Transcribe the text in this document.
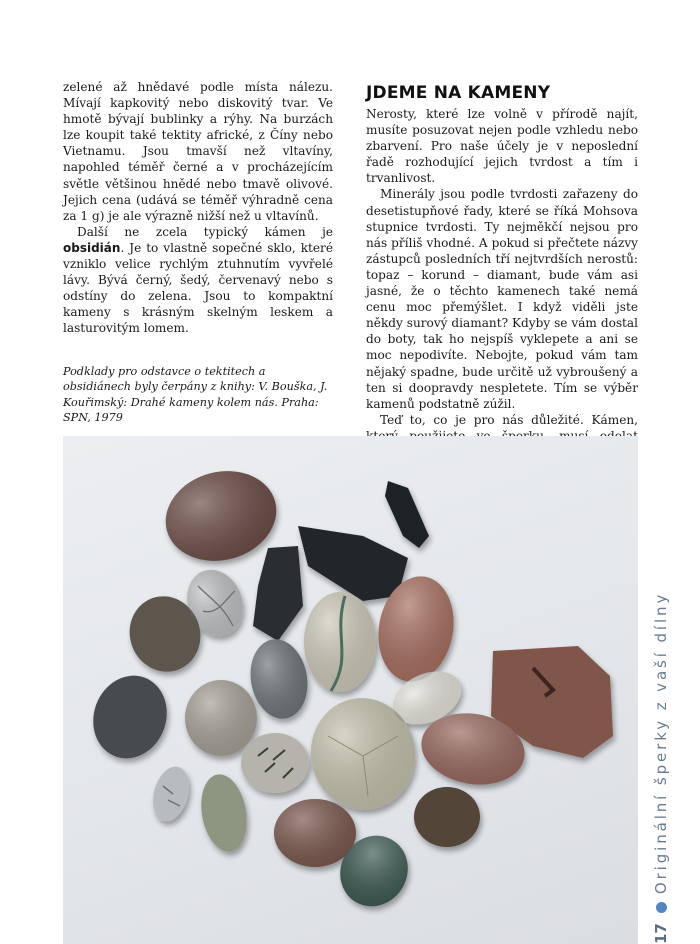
zelené až hnědavé podle místa nálezu. Mívají kapkovitý nebo diskovitý tvar. Ve hmotě bývají bublinky a rýhy. Na burzách lze koupit také tektity africké, z Číny nebo Vietnamu. Jsou tmavší než vltavíny, napohled téměř černé a v procházejícím světle většinou hnědé nebo tmavě olivové. Jejich cena (udává se téměř výhradně cena za 1 g) je ale výrazně nižší než u vltavínů.

Další ne zcela typický kámen je obsidián. Je to vlastně sopečné sklo, které vzniklo velice rychlým ztuhnutím vyvřelé lávy. Bývá černý, šedý, červenavý nebo s odstíny do zelena. Jsou to kompaktní kameny s krásným skelným leskem a lasturovitým lomem.

Podklady pro odstavce o tektitech a obsidiánech byly čerpány z knihy: V. Bouška, J. Kouřimský: Drahé kameny kolem nás. Praha: SPN, 1979

JDEME NA KAMENY

Nerosty, které lze volně v přírodě najít, musíte posuzovat nejen podle vzhledu nebo zbarvení. Pro naše účely je v neposlední řadě rozhodující jejich tvrdost a tím i trvanlivost.

Minerály jsou podle tvrdosti zařazeny do desetistupňové řady, které se říká Mohsova stupnice tvrdosti. Ty nejměkčí nejsou pro nás příliš vhodné. A pokud si přečtete názvy zástupců posledních tří nejtvrdších nerostů: topaz – korund – diamant, bude vám asi jasné, že o těchto kamenech také nemá cenu moc přemýšlet. I když viděli jste někdy surový diamant? Kdyby se vám dostal do boty, tak ho nejspíš vyklepete a ani se moc nepodivíte. Nebojte, pokud vám tam nějaký spadne, bude určitě už vybroušený a ten si doopravdy nespletete. Tím se výběr kamenů podstatně zúžil.

Teď to, co je pro nás důležité. Kámen,

17
Originální šperky z vaší dílny
